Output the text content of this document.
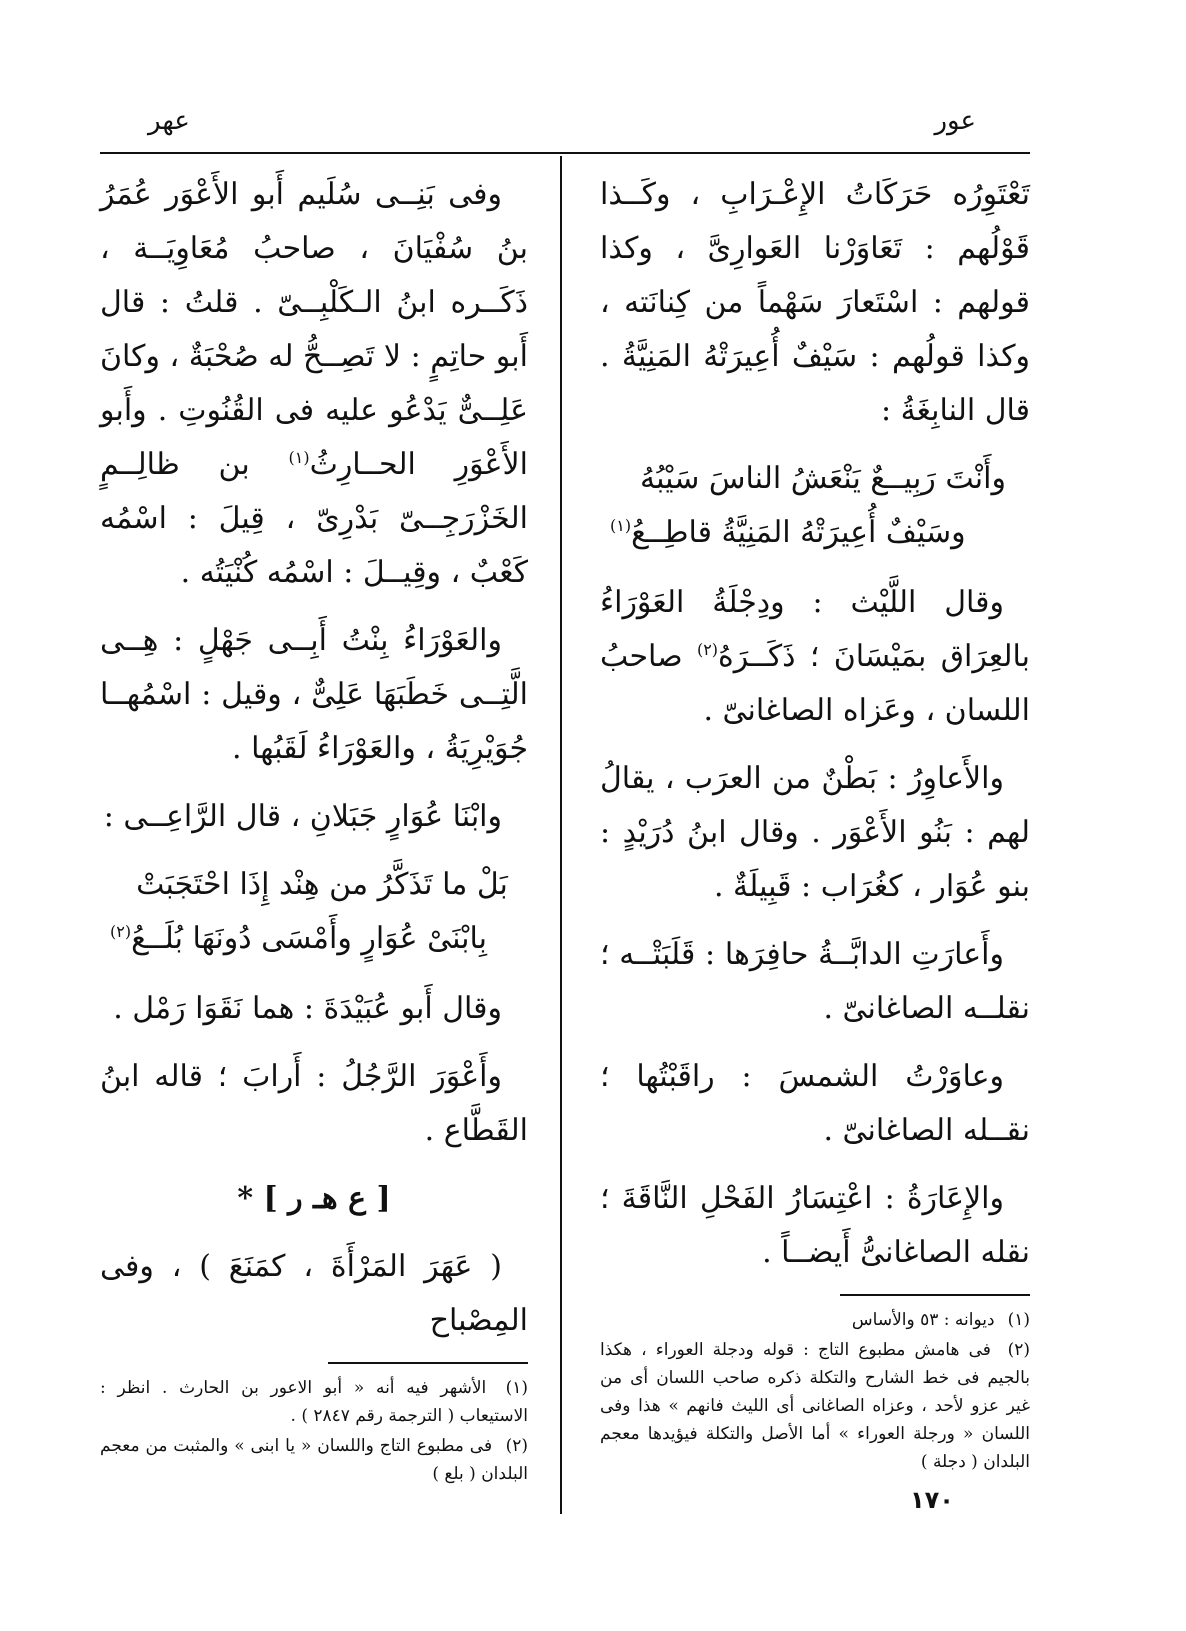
عور
عهر

تَعْتَوِرُه حَرَكَاتُ الإِعْـرَابِ ، وكَــذا قَوْلُهم : تَعَاوَرْنا العَوارِىَّ ، وكذا قولهم : اسْتَعارَ سَهْماً من كِنانَته ، وكذا قولُهم : سَيْفٌ أُعِيرَتْهُ المَنِيَّةُ . قال النابِغَةُ :

وأَنْتَ رَبِيــعٌ يَنْعَشُ الناسَ سَيْبُهُ
وسَيْفٌ أُعِيرَتْهُ المَنِيَّةُ قاطِــعُ$^{(١)}$

وقال اللَّيْث : ودِجْلَةُ العَوْرَاءُ بالعِرَاق بمَيْسَانَ ؛ ذَكَــرَهُ$^{(٢)}$ صاحبُ اللسان ، وعَزاه الصاغانىّ .

والأَعاوِرُ : بَطْنٌ من العرَب ، يقالُ لهم : بَنُو الأَعْوَر . وقال ابنُ دُرَيْدٍ : بنو عُوَار ، كغُرَاب : قَبِيلَةٌ .

وأَعارَتِ الدابَّــةُ حافِرَها : قَلَبَتْــه ؛ نقلــه الصاغانىّ .

وعاوَرْتُ الشمسَ : راقَبْتُها ؛ نقــله الصاغانىّ .

والإِعَارَةُ : اعْتِسَارُ الفَحْلِ النَّاقَةَ ؛ نقله الصاغانىُّ أَيضــاً .

(١) ديوانه : ٥٣ والأساس
(٢) فى هامش مطبوع التاج : قوله ودجلة العوراء ، هكذا بالجيم فى خط الشارح والتكلة ذكره صاحب اللسان أى من غير عزو لأحد ، وعزاه الصاغانى أى الليث فانهم » هذا وفى اللسان « ورجلة العوراء » أما الأصل والتكلة فيؤيدها معجم البلدان ( دجلة )

وفى بَنِــى سُلَيم أَبو الأَعْوَر عُمَرُ بنُ سُفْيَانَ ، صاحبُ مُعَاوِيَــة ، ذَكَــره ابنُ الـكَلْبِــىّ . قلتُ : قال أَبو حاتِمٍ : لا تَصِــحُّ له صُحْبَةٌ ، وكانَ عَلِــىٌّ يَدْعُو عليه فى القُنُوتِ . وأَبو الأَعْوَرِ الحــارِثُ$^{(١)}$ بن ظالِــمٍ الخَزْرَجِــىّ بَدْرِىّ ، قِيلَ : اسْمُه كَعْبٌ ، وقِيــلَ : اسْمُه كُنْيَتُه .

والعَوْرَاءُ بِنْتُ أَبِــى جَهْلٍ : هِــى الَّتِــى خَطَبَهَا عَلِىٌّ ، وقيل : اسْمُهــا جُوَيْرِيَةُ ، والعَوْرَاءُ لَقَبُها .

وابْنَا عُوَارٍ جَبَلانِ ، قال الرَّاعِــى :

بَلْ ما تَذَكَّرُ من هِنْد إِذَا احْتَجَبَتْ
بِابْنَىْ عُوَارٍ وأَمْسَى دُونَهَا بُلَــعُ$^{(٢)}$

وقال أَبو عُبَيْدَةَ : هما نَقَوَا رَمْل .

وأَعْوَرَ الرَّجُلُ : أَرابَ ؛ قاله ابنُ القَطَّاع .

[ ع هـ ر ] *

( عَهَرَ المَرْأَةَ ، كمَنَعَ ) ، وفى المِصْباح

(١) الأشهر فيه أنه « أبو الاعور بن الحارث . انظر : الاستيعاب ( الترجمة رقم ٢٨٤٧ ) .
(٢) فى مطبوع التاج واللسان « يا ابنى » والمثبت من معجم البلدان ( بلع )
١٧٠
